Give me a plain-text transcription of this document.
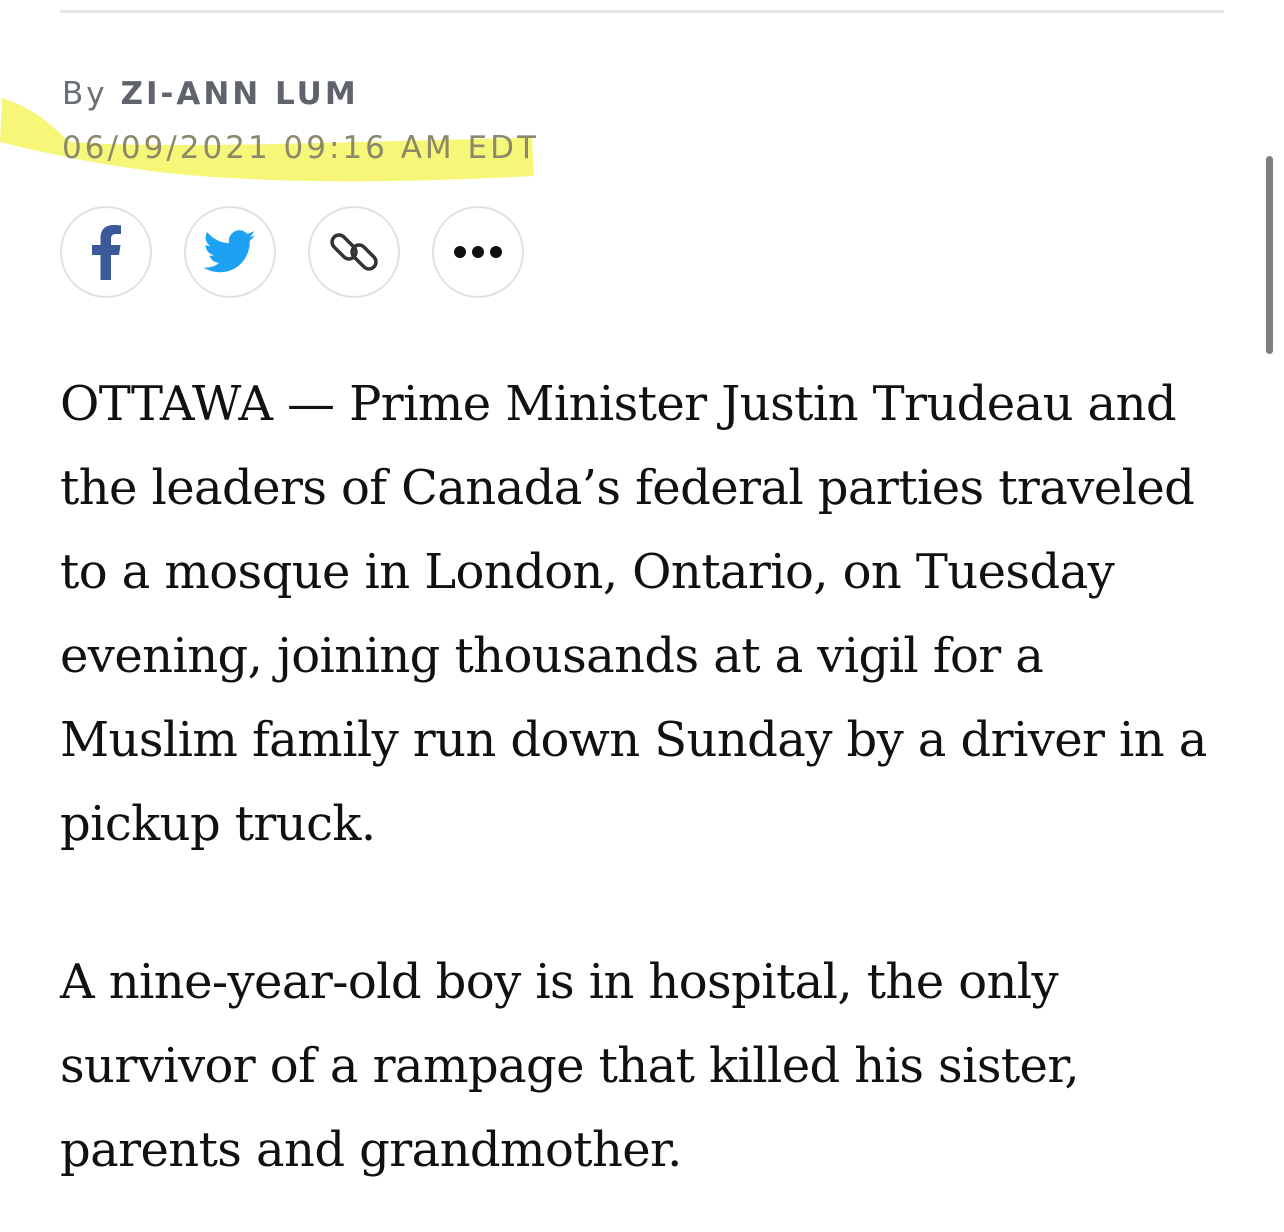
By ZI-ANN LUM
06/09/2021 09:16 AM EDT

OTTAWA — Prime Minister Justin Trudeau and the leaders of Canada’s federal parties traveled to a mosque in London, Ontario, on Tuesday evening, joining thousands at a vigil for a Muslim family run down Sunday by a driver in a pickup truck.

A nine-year-old boy is in hospital, the only survivor of a rampage that killed his sister, parents and grandmother.
